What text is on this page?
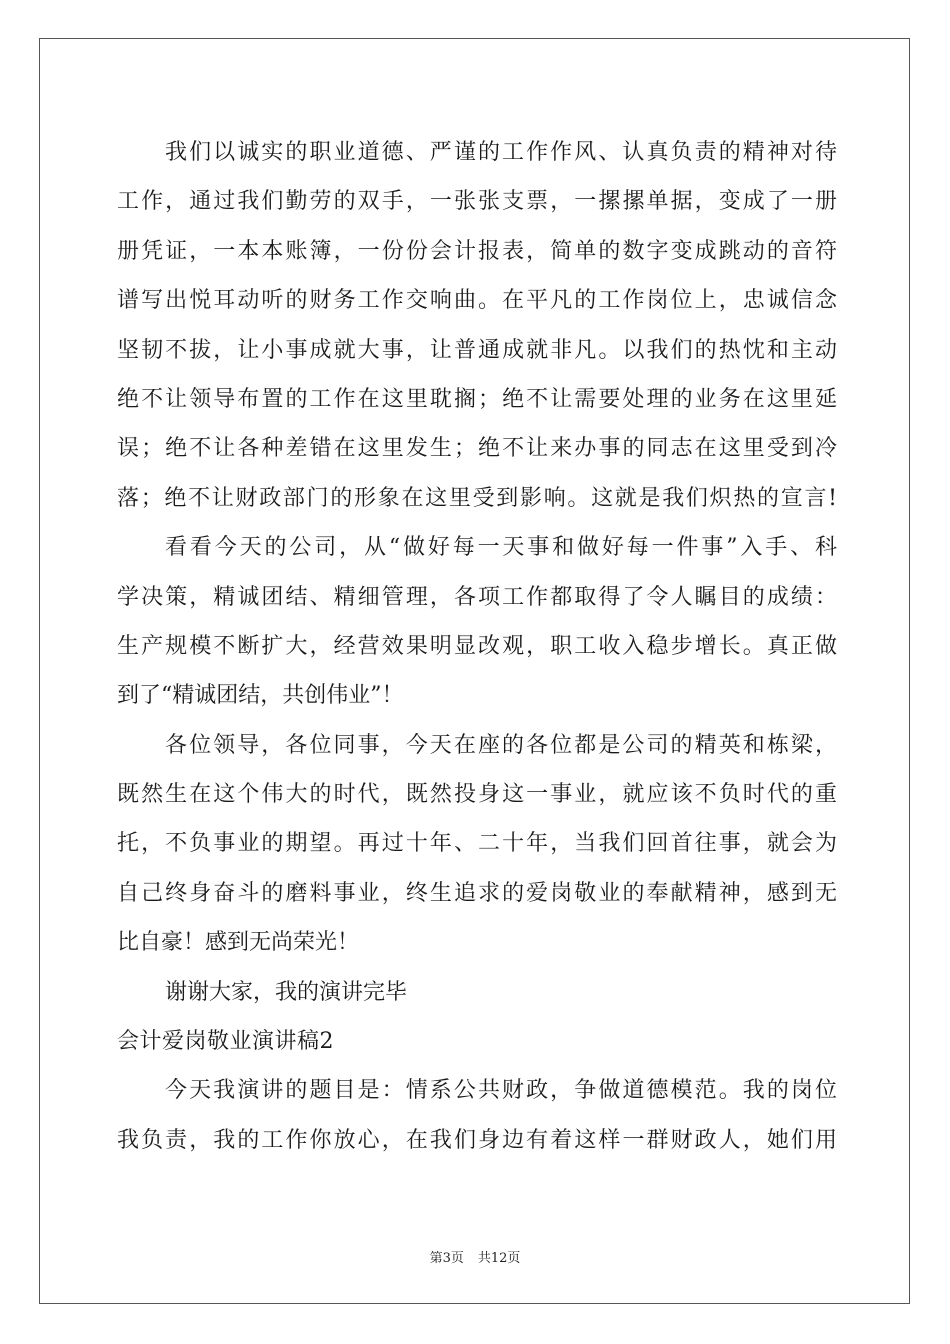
我们以诚实的职业道德、严谨的工作作风、认真负责的精神对待
工作，通过我们勤劳的双手，一张张支票，一摞摞单据，变成了一册
册凭证，一本本账簿，一份份会计报表，简单的数字变成跳动的音符
谱写出悦耳动听的财务工作交响曲。在平凡的工作岗位上，忠诚信念
坚韧不拔，让小事成就大事，让普通成就非凡。以我们的热忱和主动
绝不让领导布置的工作在这里耽搁；绝不让需要处理的业务在这里延
误；绝不让各种差错在这里发生；绝不让来办事的同志在这里受到冷
落；绝不让财政部门的形象在这里受到影响。这就是我们炽热的宣言!
看看今天的公司，从“做好每一天事和做好每一件事”入手、科
学决策，精诚团结、精细管理，各项工作都取得了令人瞩目的成绩：
生产规模不断扩大，经营效果明显改观，职工收入稳步增长。真正做
到了“精诚团结，共创伟业”！
各位领导，各位同事，今天在座的各位都是公司的精英和栋梁，
既然生在这个伟大的时代，既然投身这一事业，就应该不负时代的重
托，不负事业的期望。再过十年、二十年，当我们回首往事，就会为
自己终身奋斗的磨料事业，终生追求的爱岗敬业的奉献精神，感到无
比自豪！感到无尚荣光！
谢谢大家，我的演讲完毕
会计爱岗敬业演讲稿2
今天我演讲的题目是：情系公共财政，争做道德模范。我的岗位
我负责，我的工作你放心，在我们身边有着这样一群财政人，她们用
第3页 共12页
